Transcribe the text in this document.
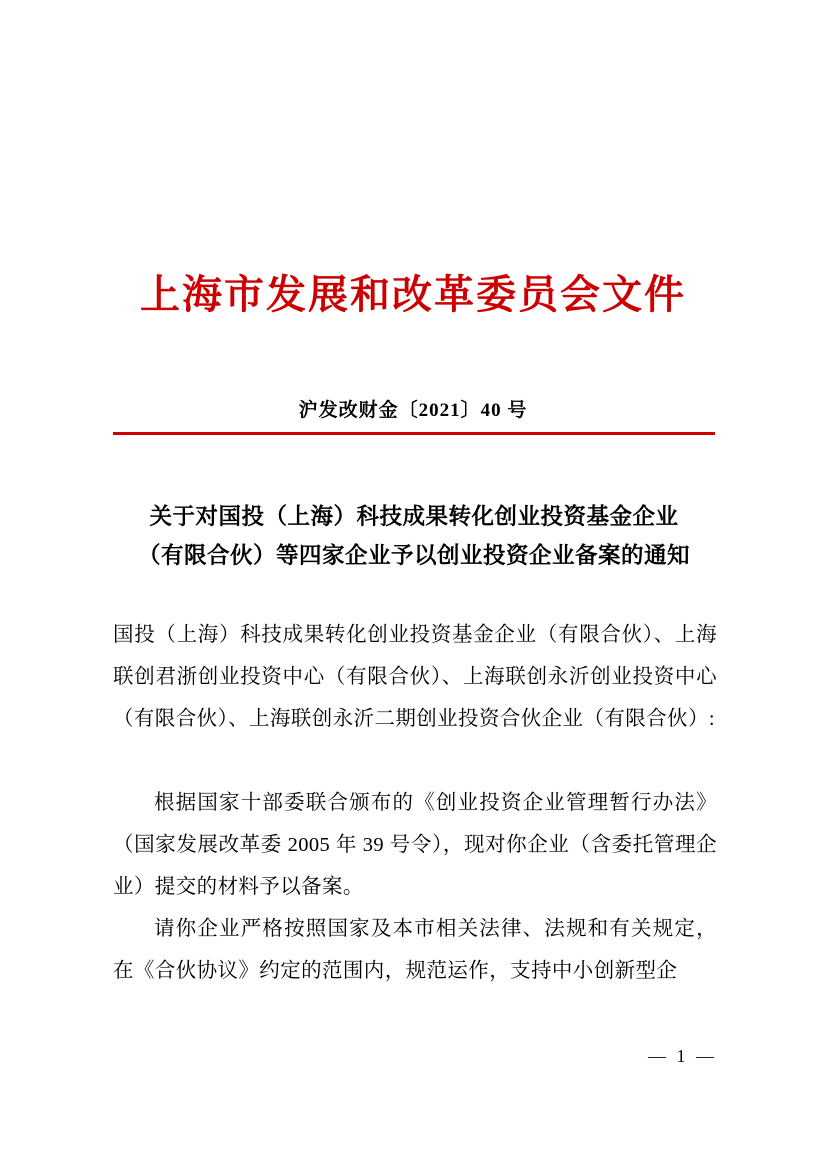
上海市发展和改革委员会文件
沪发改财金〔2021〕40 号
关于对国投（上海）科技成果转化创业投资基金企业
（有限合伙）等四家企业予以创业投资企业备案的通知

国投（上海）科技成果转化创业投资基金企业（有限合伙）、上海联创君浙创业投资中心（有限合伙）、上海联创永沂创业投资中心（有限合伙）、上海联创永沂二期创业投资合伙企业（有限合伙）:

根据国家十部委联合颁布的《创业投资企业管理暂行办法》（国家发展改革委 2005 年 39 号令），现对你企业（含委托管理企业）提交的材料予以备案。

请你企业严格按照国家及本市相关法律、法规和有关规定，在《合伙协议》约定的范围内，规范运作，支持中小创新型企

— 1 —
